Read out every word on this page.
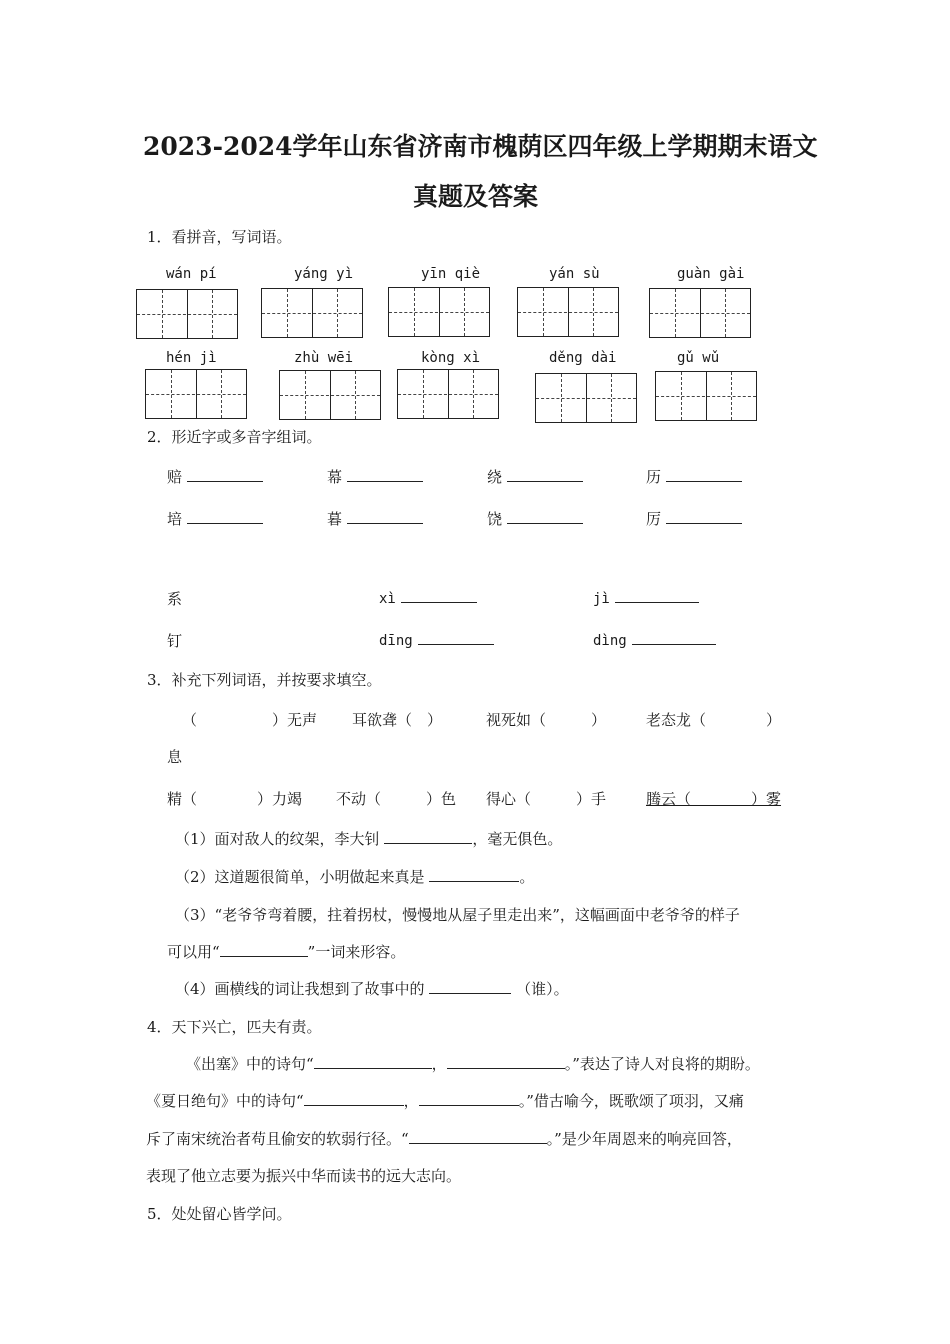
2023-2024学年山东省济南市槐荫区四年级上学期期末语文
真题及答案
1．看拼音，写词语。
wán pí	yáng yì	yīn qiè	yán sù	guàn gài
hén jì	zhù wēi	kòng xì	děng dài	gǔ wǔ
2．形近字或多音字组词。
赔	幕	绕	历
培	暮	饶	厉
系	xì	jì
钉	dīng	dìng
3．补充下列词语，并按要求填空。
（　　　　　）无声 耳欲聋（　）	视死如（　　　）	老态龙（　　　　）
息
精（　　　　）力竭 不动（　　　）色 得心（　　　）手	腾云（　　　　）雾
（1）面对敌人的纹架，李大钊	，毫无俱色。
（2）这道题很简单，小明做起来真是	。
（3）“老爷爷弯着腰，拄着拐杖，慢慢地从屋子里走出来”，这幅画面中老爷爷的样子
可以用“	”一词来形容。
（4）画横线的词让我想到了故事中的	（谁）。
4．天下兴亡，匹夫有责。
《出塞》中的诗句“	，	。”表达了诗人对良将的期盼。
《夏日绝句》中的诗句“	，	。”借古喻今，既歌颂了项羽，又痛
斥了南宋统治者苟且偷安的软弱行径。“	。”是少年周恩来的响亮回答，
表现了他立志要为振兴中华而读书的远大志向。
5．处处留心皆学问。
